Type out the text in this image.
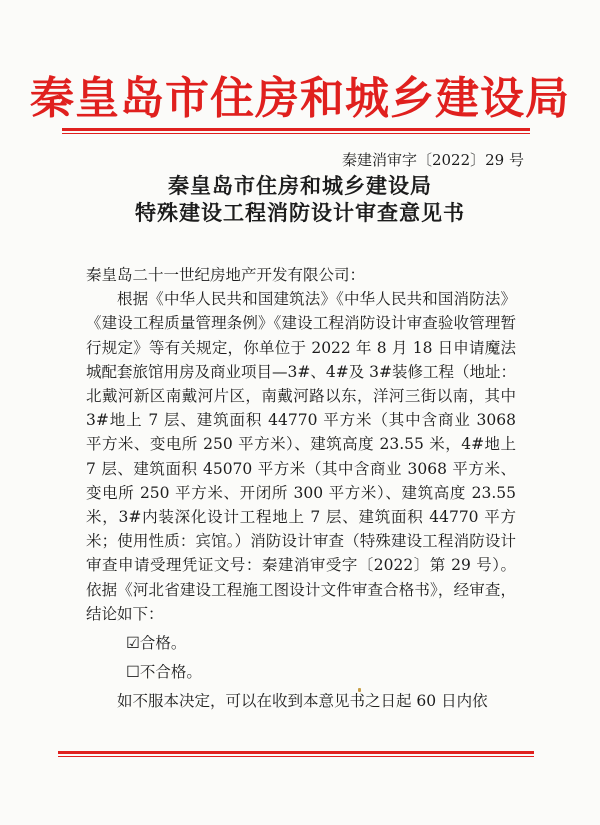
秦皇岛市住房和城乡建设局
秦建消审字〔2022〕29 号
秦皇岛市住房和城乡建设局
特殊建设工程消防设计审查意见书

秦皇岛二十一世纪房地产开发有限公司：

根据《中华人民共和国建筑法》《中华人民共和国消防法》《建设工程质量管理条例》《建设工程消防设计审查验收管理暂行规定》等有关规定，你单位于 2022 年 8 月 18 日申请魔法城配套旅馆用房及商业项目—3#、4#及 3#装修工程（地址：北戴河新区南戴河片区，南戴河路以东，洋河三街以南，其中 3#地上 7 层、建筑面积 44770 平方米（其中含商业 3068 平方米、变电所 250 平方米）、建筑高度 23.55 米，4#地上 7 层、建筑面积 45070 平方米（其中含商业 3068 平方米、变电所 250 平方米、开闭所 300 平方米）、建筑高度 23.55 米，3#内装深化设计工程地上 7 层、建筑面积 44770 平方米；使用性质：宾馆。）消防设计审查（特殊建设工程消防设计审查申请受理凭证文号：秦建消审受字〔2022〕第 29 号）。依据《河北省建设工程施工图设计文件审查合格书》，经审查，结论如下：

☑合格。

☐不合格。

如不服本决定，可以在收到本意见书之日起 60 日内依
